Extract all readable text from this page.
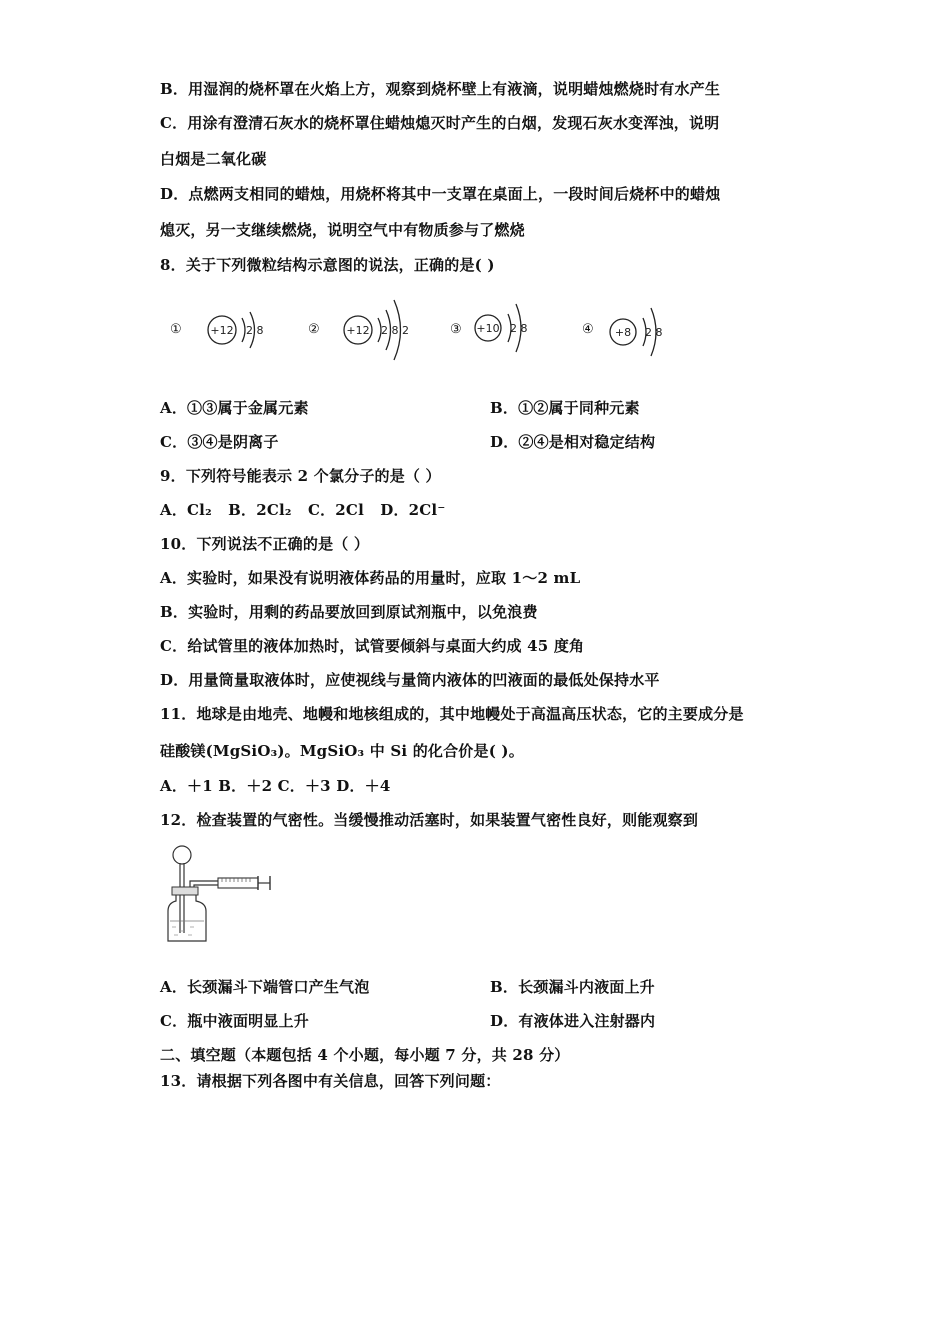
B．用湿润的烧杯罩在火焰上方，观察到烧杯壁上有液滴，说明蜡烛燃烧时有水产生
C．用涂有澄清石灰水的烧杯罩住蜡烛熄灭时产生的白烟，发现石灰水变浑浊，说明
白烟是二氧化碳
D．点燃两支相同的蜡烛，用烧杯将其中一支罩在桌面上，一段时间后烧杯中的蜡烛
熄灭，另一支继续燃烧，说明空气中有物质参与了燃烧
8．关于下列微粒结构示意图的说法，正确的是( )
①	+12 2 8	② +12 2 8 2	③ +10 2 8	④ +8 2 8
A．①③属于金属元素	B．①②属于同种元素
C．③④是阴离子	D．②④是相对稳定结构
9．下列符号能表示 2 个氯分子的是（ ）
A．Cl₂ B．2Cl₂ C．2Cl D．2Cl⁻
10．下列说法不正确的是（ ）
A．实验时，如果没有说明液体药品的用量时，应取 1～2 mL
B．实验时，用剩的药品要放回到原试剂瓶中，以免浪费
C．给试管里的液体加热时，试管要倾斜与桌面大约成 45 度角
D．用量筒量取液体时，应使视线与量筒内液体的凹液面的最低处保持水平
11．地球是由地壳、地幔和地核组成的，其中地幔处于高温高压状态，它的主要成分是
硅酸镁(MgSiO₃)。MgSiO₃ 中 Si 的化合价是( )。
A．＋1 B．＋2 C．＋3 D．＋4
12．检查装置的气密性。当缓慢推动活塞时，如果装置气密性良好，则能观察到
A．长颈漏斗下端管口产生气泡	B．长颈漏斗内液面上升
C．瓶中液面明显上升	D．有液体进入注射器内
二、填空题（本题包括 4 个小题，每小题 7 分，共 28 分）
13．请根据下列各图中有关信息，回答下列问题：
